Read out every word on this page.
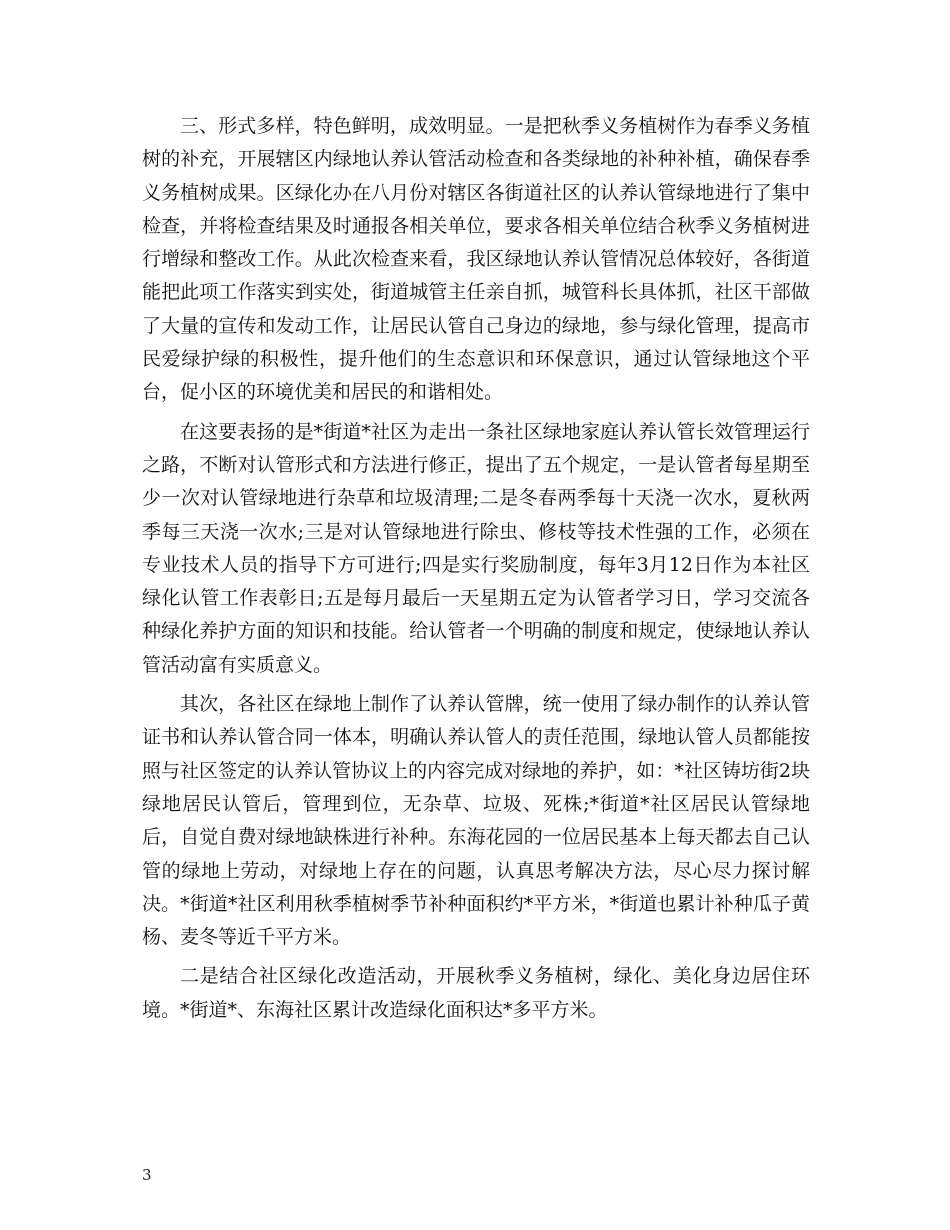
三、形式多样，特色鲜明，成效明显。一是把秋季义务植树作为春季义务植树的补充，开展辖区内绿地认养认管活动检查和各类绿地的补种补植，确保春季义务植树成果。区绿化办在八月份对辖区各街道社区的认养认管绿地进行了集中检查，并将检查结果及时通报各相关单位，要求各相关单位结合秋季义务植树进行增绿和整改工作。从此次检查来看，我区绿地认养认管情况总体较好，各街道能把此项工作落实到实处，街道城管主任亲自抓，城管科长具体抓，社区干部做了大量的宣传和发动工作，让居民认管自己身边的绿地，参与绿化管理，提高市民爱绿护绿的积极性，提升他们的生态意识和环保意识，通过认管绿地这个平台，促小区的环境优美和居民的和谐相处。

在这要表扬的是*街道*社区为走出一条社区绿地家庭认养认管长效管理运行之路，不断对认管形式和方法进行修正，提出了五个规定，一是认管者每星期至少一次对认管绿地进行杂草和垃圾清理;二是冬春两季每十天浇一次水，夏秋两季每三天浇一次水;三是对认管绿地进行除虫、修枝等技术性强的工作，必须在专业技术人员的指导下方可进行;四是实行奖励制度，每年3月12日作为本社区绿化认管工作表彰日;五是每月最后一天星期五定为认管者学习日，学习交流各种绿化养护方面的知识和技能。给认管者一个明确的制度和规定，使绿地认养认管活动富有实质意义。

其次，各社区在绿地上制作了认养认管牌，统一使用了绿办制作的认养认管证书和认养认管合同一体本，明确认养认管人的责任范围，绿地认管人员都能按照与社区签定的认养认管协议上的内容完成对绿地的养护，如：*社区铸坊街2块绿地居民认管后，管理到位，无杂草、垃圾、死株;*街道*社区居民认管绿地后，自觉自费对绿地缺株进行补种。东海花园的一位居民基本上每天都去自己认管的绿地上劳动，对绿地上存在的问题，认真思考解决方法，尽心尽力探讨解决。*街道*社区利用秋季植树季节补种面积约*平方米，*街道也累计补种瓜子黄杨、麦冬等近千平方米。

二是结合社区绿化改造活动，开展秋季义务植树，绿化、美化身边居住环境。*街道*、东海社区累计改造绿化面积达*多平方米。

3
